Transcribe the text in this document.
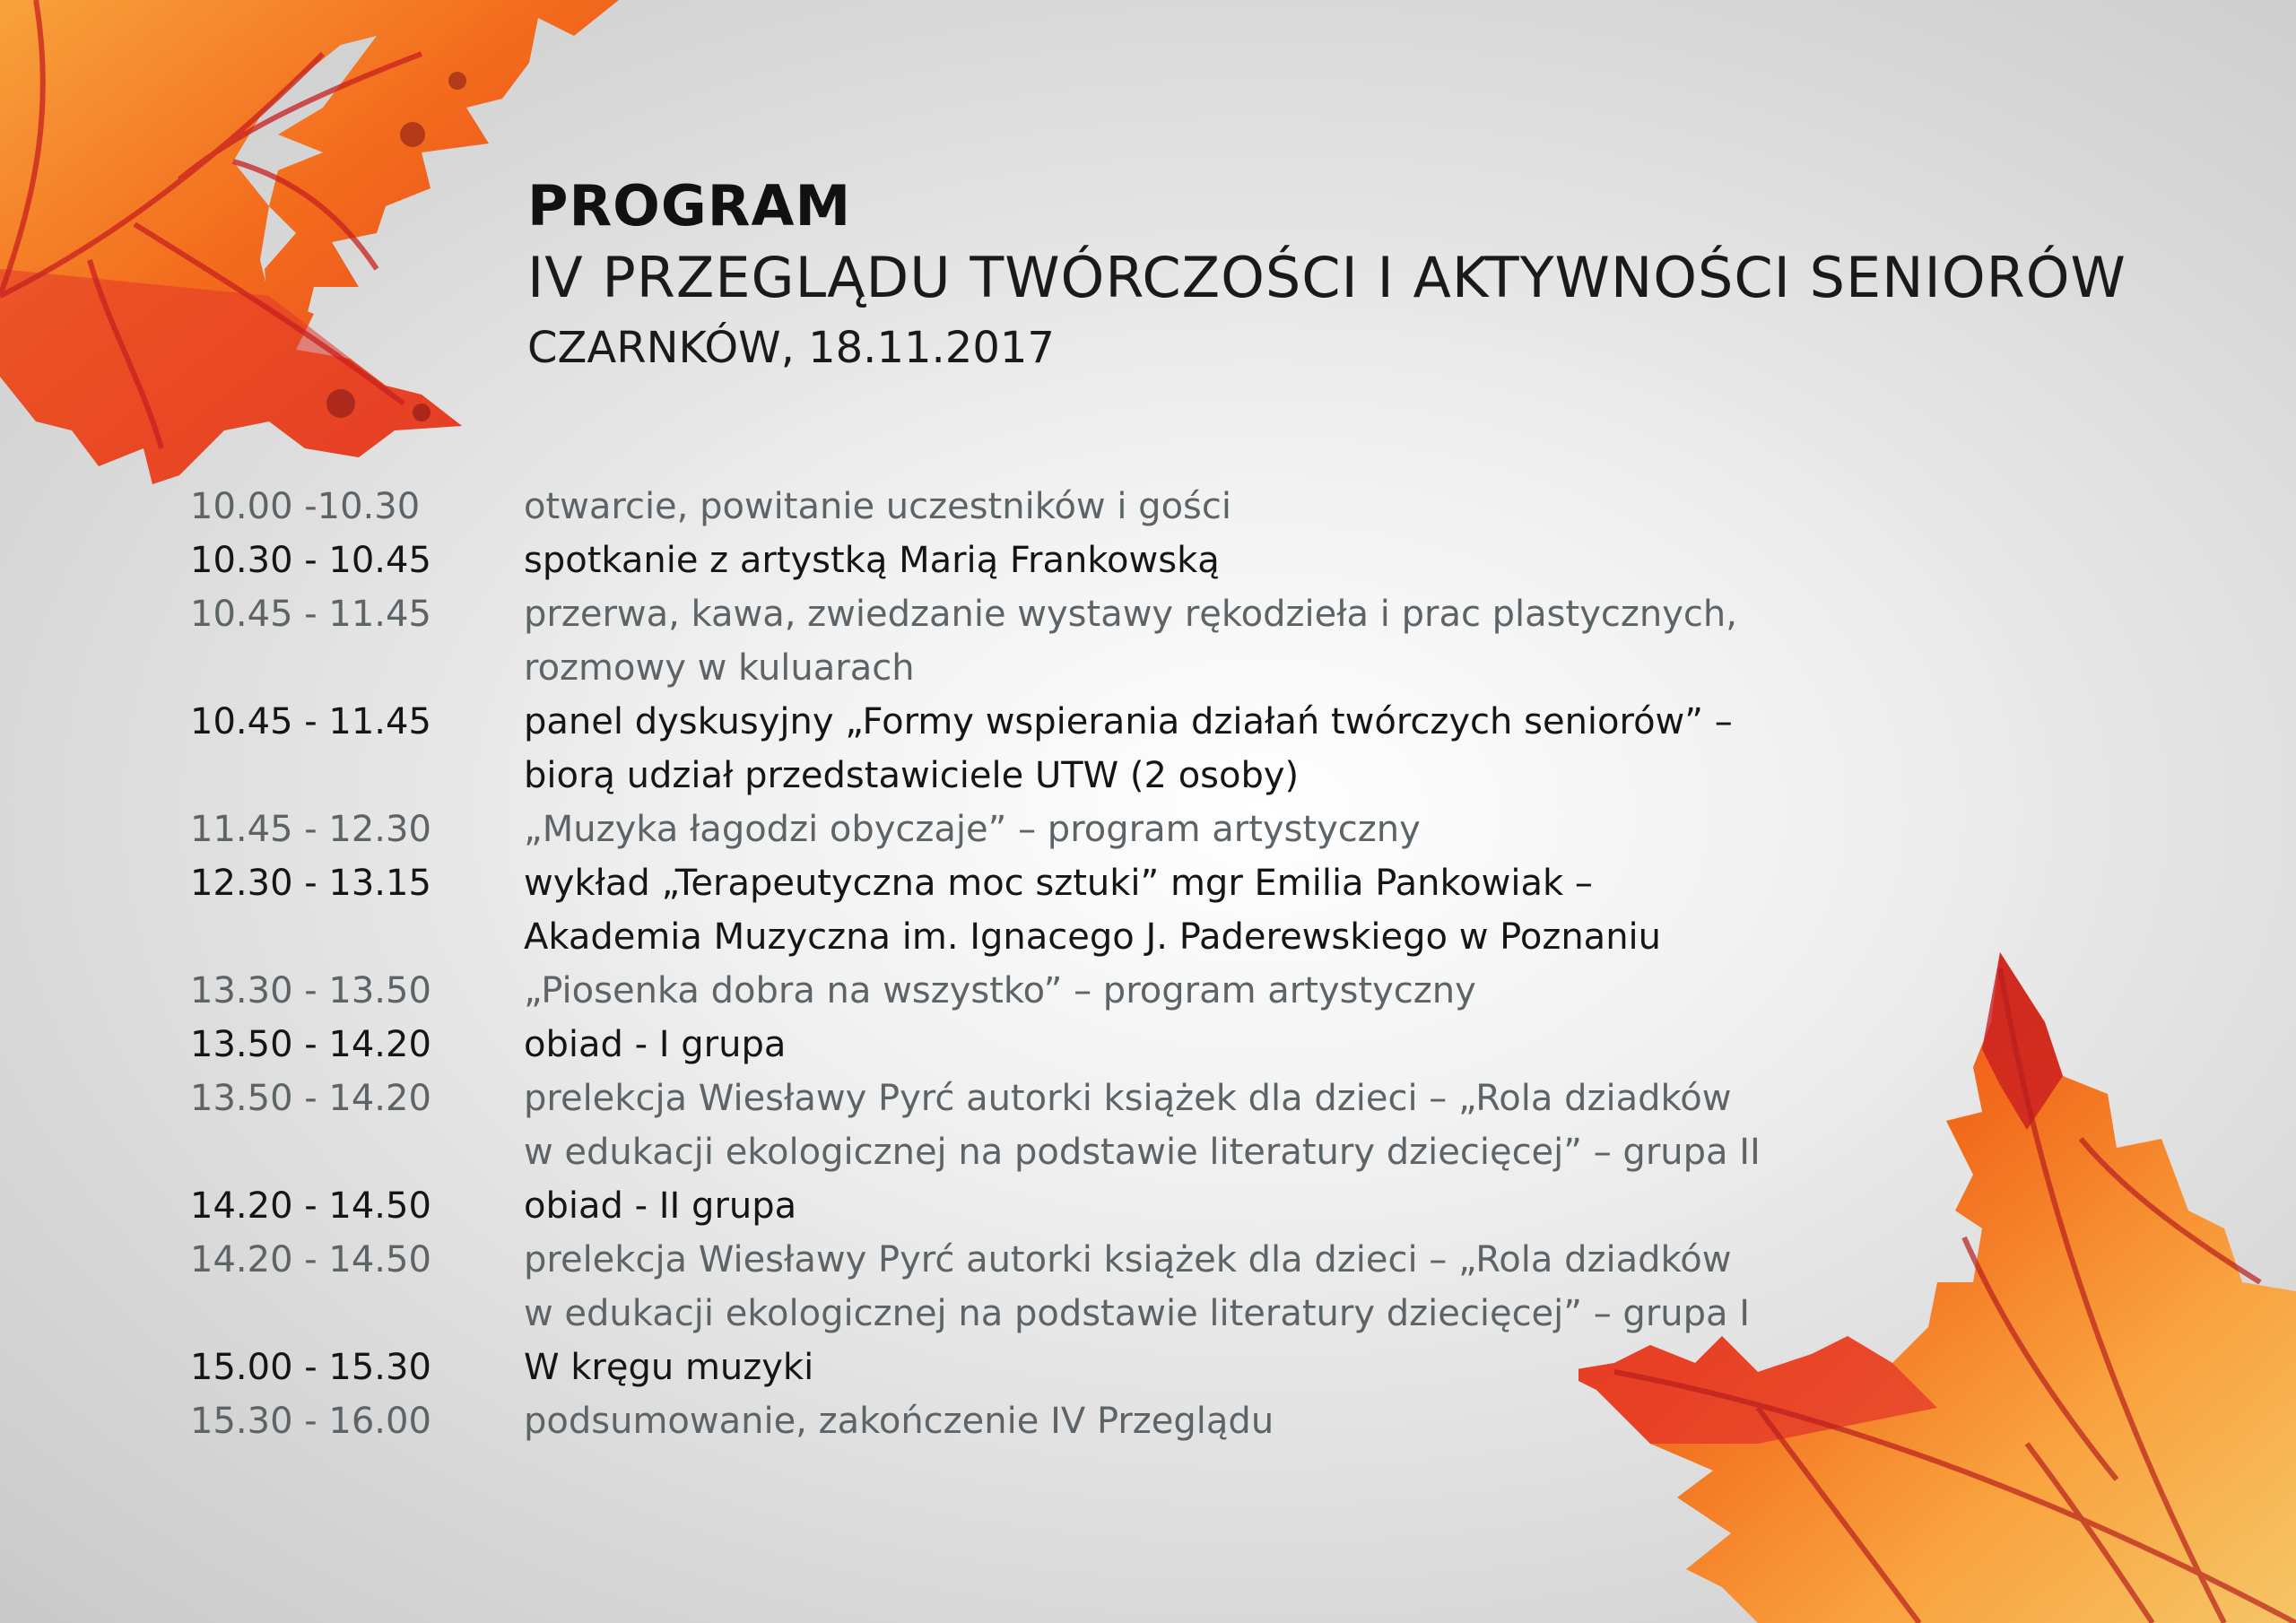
PROGRAM
IV PRZEGLĄDU TWÓRCZOŚCI I AKTYWNOŚCI SENIORÓW
CZARNKÓW, 18.11.2017
10.00 -10.30	otwarcie, powitanie uczestników i gości
10.30 - 10.45	spotkanie z artystką Marią Frankowską
10.45 - 11.45	przerwa, kawa, zwiedzanie wystawy rękodzieła i prac plastycznych,
rozmowy w kuluarach
10.45 - 11.45	panel dyskusyjny „Formy wspierania działań twórczych seniorów” –
biorą udział przedstawiciele UTW (2 osoby)
11.45 - 12.30	„Muzyka łagodzi obyczaje” – program artystyczny
12.30 - 13.15	wykład „Terapeutyczna moc sztuki” mgr Emilia Pankowiak –
Akademia Muzyczna im. Ignacego J. Paderewskiego w Poznaniu
13.30 - 13.50	„Piosenka dobra na wszystko” – program artystyczny
13.50 - 14.20	obiad - I grupa
13.50 - 14.20	prelekcja Wiesławy Pyrć autorki książek dla dzieci – „Rola dziadków
w edukacji ekologicznej na podstawie literatury dziecięcej” – grupa II
14.20 - 14.50	obiad - II grupa
14.20 - 14.50	prelekcja Wiesławy Pyrć autorki książek dla dzieci – „Rola dziadków
w edukacji ekologicznej na podstawie literatury dziecięcej” – grupa I
15.00 - 15.30	W kręgu muzyki
15.30 - 16.00	podsumowanie, zakończenie IV Przeglądu
